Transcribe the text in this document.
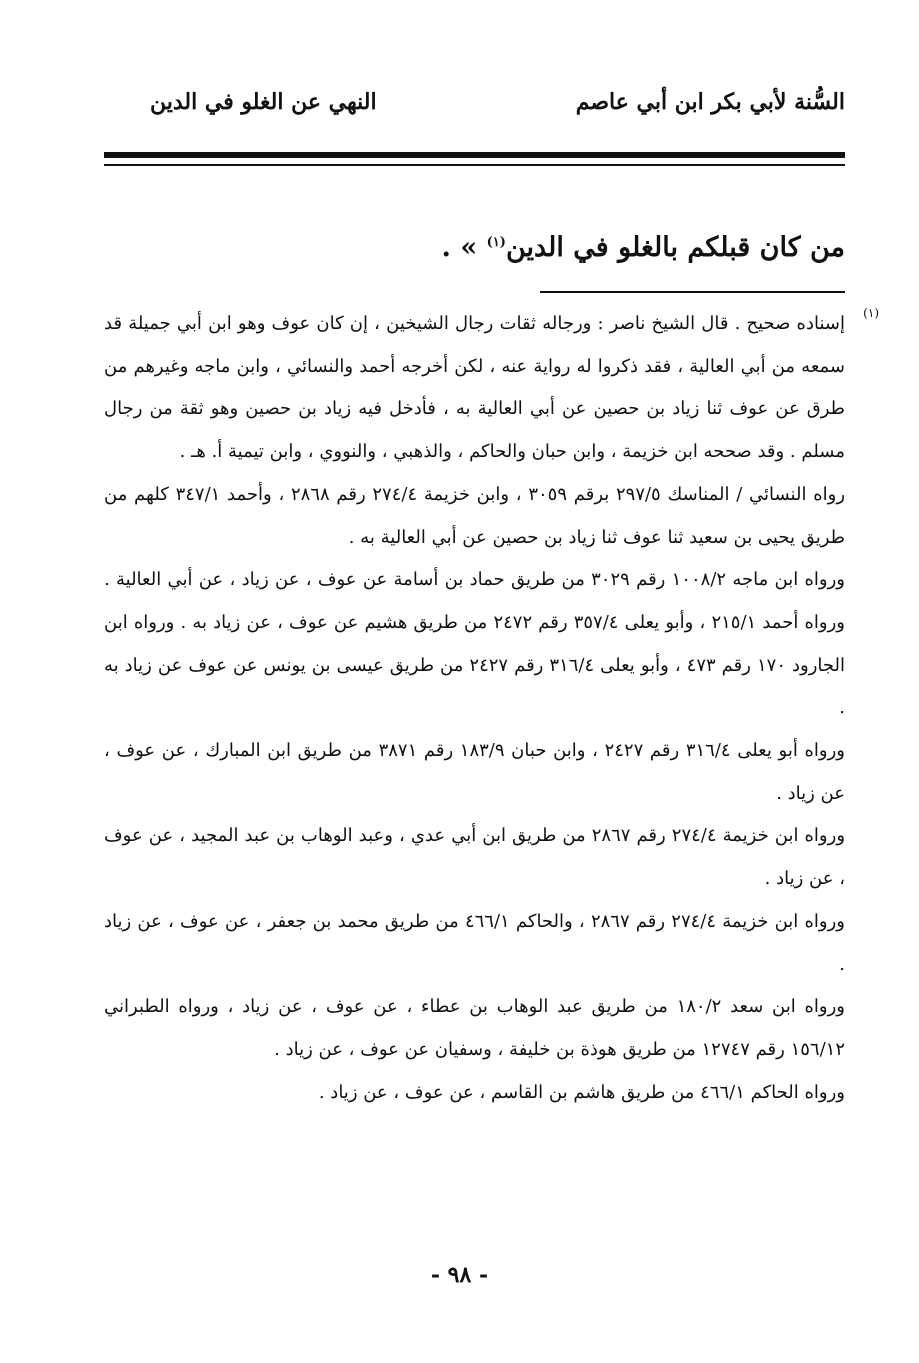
السُّنة لأبي بكر ابن أبي عاصم
النهي عن الغلو في الدين
من كان قبلكم بالغلو في الدين$^{(١)}$ » .
(١)

إسناده صحيح . قال الشيخ ناصر : ورجاله ثقات رجال الشيخين ، إن كان عوف وهو ابن أبي جميلة قد سمعه من أبي العالية ، فقد ذكروا له رواية عنه ، لكن أخرجه أحمد والنسائي ، وابن ماجه وغيرهم من طرق عن عوف ثنا زياد بن حصين عن أبي العالية به ، فأدخل فيه زياد بن حصين وهو ثقة من رجال مسلم . وقد صححه ابن خزيمة ، وابن حبان والحاكم ، والذهبي ، والنووي ، وابن تيمية أ. هـ .

رواه النسائي / المناسك ٢٩٧/٥ برقم ٣٠٥٩ ، وابن خزيمة ٢٧٤/٤ رقم ٢٨٦٨ ، وأحمد ٣٤٧/١ كلهم من طريق يحيى بن سعيد ثنا عوف ثنا زياد بن حصين عن أبي العالية به .

ورواه ابن ماجه ١٠٠٨/٢ رقم ٣٠٢٩ من طريق حماد بن أسامة عن عوف ، عن زياد ، عن أبي العالية . ورواه أحمد ٢١٥/١ ، وأبو يعلى ٣٥٧/٤ رقم ٢٤٧٢ من طريق هشيم عن عوف ، عن زياد به . ورواه ابن الجارود ١٧٠ رقم ٤٧٣ ، وأبو يعلى ٣١٦/٤ رقم ٢٤٢٧ من طريق عيسى بن يونس عن عوف عن زياد به .

ورواه أبو يعلى ٣١٦/٤ رقم ٢٤٢٧ ، وابن حبان ١٨٣/٩ رقم ٣٨٧١ من طريق ابن المبارك ، عن عوف ، عن زياد .

ورواه ابن خزيمة ٢٧٤/٤ رقم ٢٨٦٧ من طريق ابن أبي عدي ، وعبد الوهاب بن عبد المجيد ، عن عوف ، عن زياد .

ورواه ابن خزيمة ٢٧٤/٤ رقم ٢٨٦٧ ، والحاكم ٤٦٦/١ من طريق محمد بن جعفر ، عن عوف ، عن زياد .

ورواه ابن سعد ١٨٠/٢ من طريق عبد الوهاب بن عطاء ، عن عوف ، عن زياد ، ورواه الطبراني ١٥٦/١٢ رقم ١٢٧٤٧ من طريق هوذة بن خليفة ، وسفيان عن عوف ، عن زياد .

ورواه الحاكم ٤٦٦/١ من طريق هاشم بن القاسم ، عن عوف ، عن زياد .

- ٩٨ -
